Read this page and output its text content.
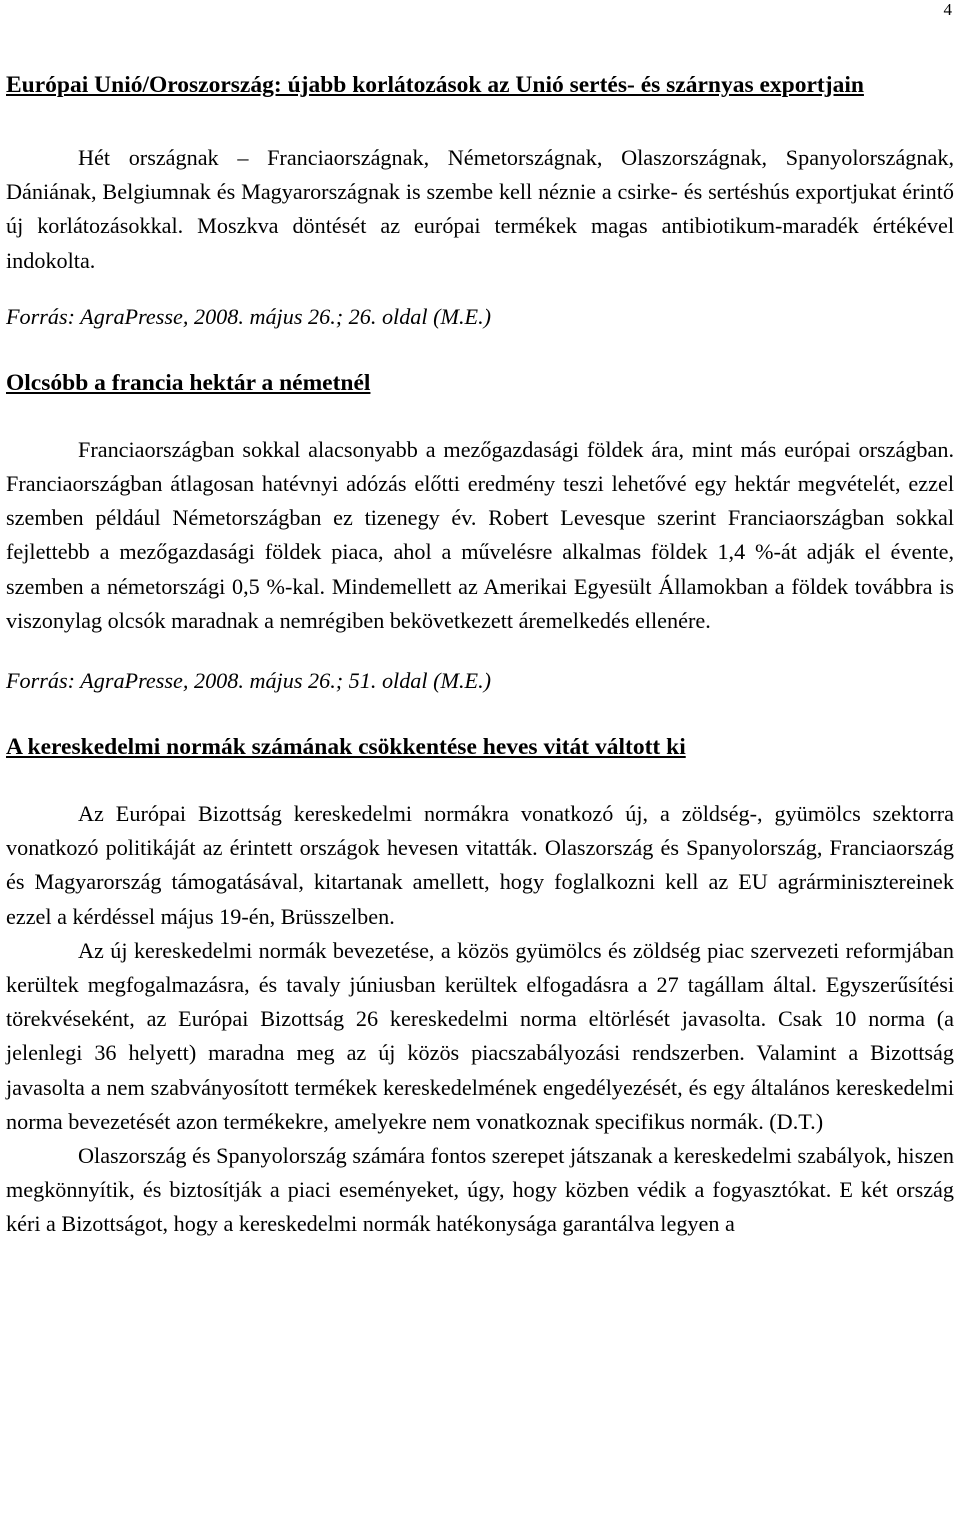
4
Európai Unió/Oroszország: újabb korlátozások az Unió sertés- és szárnyas exportjain

Hét országnak – Franciaországnak, Németországnak, Olaszországnak, Spanyolországnak, Dániának, Belgiumnak és Magyarországnak is szembe kell néznie a csirke- és sertéshús exportjukat érintő új korlátozásokkal. Moszkva döntését az európai termékek magas antibiotikum-maradék értékével indokolta.

Forrás: AgraPresse, 2008. május 26.; 26. oldal (M.E.)

Olcsóbb a francia hektár a németnél

Franciaországban sokkal alacsonyabb a mezőgazdasági földek ára, mint más európai országban. Franciaországban átlagosan hatévnyi adózás előtti eredmény teszi lehetővé egy hektár megvételét, ezzel szemben például Németországban ez tizenegy év. Robert Levesque szerint Franciaországban sokkal fejlettebb a mezőgazdasági földek piaca, ahol a művelésre alkalmas földek 1,4 %-át adják el évente, szemben a németországi 0,5 %-kal. Mindemellett az Amerikai Egyesült Államokban a földek továbbra is viszonylag olcsók maradnak a nemrégiben bekövetkezett áremelkedés ellenére.

Forrás: AgraPresse, 2008. május 26.; 51. oldal (M.E.)

A kereskedelmi normák számának csökkentése heves vitát váltott ki

Az Európai Bizottság kereskedelmi normákra vonatkozó új, a zöldség-, gyümölcs szektorra vonatkozó politikáját az érintett országok hevesen vitatták. Olaszország és Spanyolország, Franciaország és Magyarország támogatásával, kitartanak amellett, hogy foglalkozni kell az EU agrárminisztereinek ezzel a kérdéssel május 19-én, Brüsszelben.

Az új kereskedelmi normák bevezetése, a közös gyümölcs és zöldség piac szervezeti reformjában kerültek megfogalmazásra, és tavaly júniusban kerültek elfogadásra a 27 tagállam által. Egyszerűsítési törekvéseként, az Európai Bizottság 26 kereskedelmi norma eltörlését javasolta. Csak 10 norma (a jelenlegi 36 helyett) maradna meg az új közös piacszabályozási rendszerben. Valamint a Bizottság javasolta a nem szabványosított termékek kereskedelmének engedélyezését, és egy általános kereskedelmi norma bevezetését azon termékekre, amelyekre nem vonatkoznak specifikus normák. (D.T.)

Olaszország és Spanyolország számára fontos szerepet játszanak a kereskedelmi szabályok, hiszen megkönnyítik, és biztosítják a piaci eseményeket, úgy, hogy közben védik a fogyasztókat. E két ország kéri a Bizottságot, hogy a kereskedelmi normák hatékonysága garantálva legyen a
